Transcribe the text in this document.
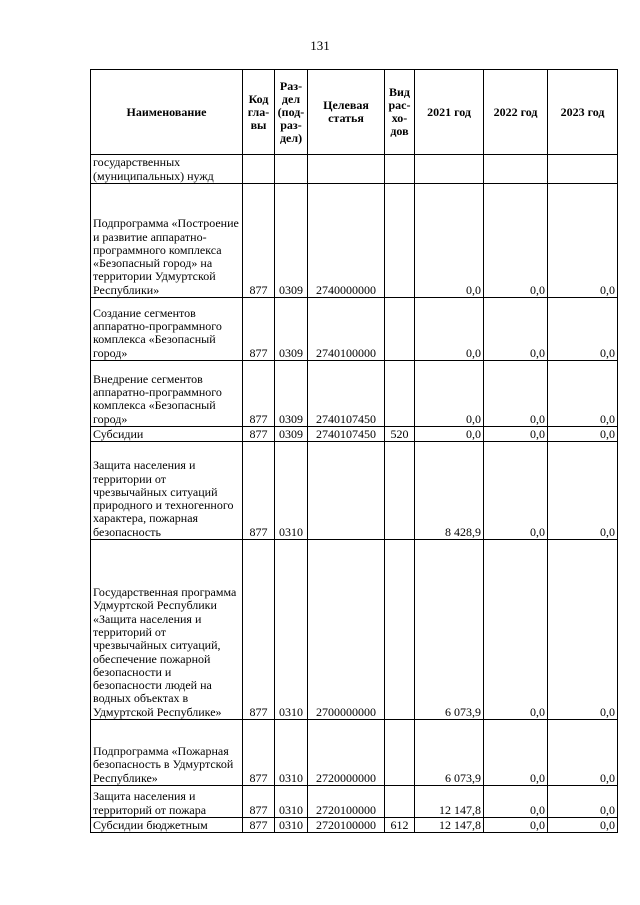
131
Наименование	Код гла-вы	Раз-дел (под-раз-дел)	Целевая статья	Вид рас-хо-дов	2021 год	2022 год	2023 год
государственных (муниципальных) нужд							
Подпрограмма «Построение и развитие аппаратно-программного комплекса «Безопасный город» на территории Удмуртской Республики»	877	0309	2740000000		0,0	0,0	0,0
Создание сегментов аппаратно-программного комплекса «Безопасный город»	877	0309	2740100000		0,0	0,0	0,0
Внедрение сегментов аппаратно-программного комплекса «Безопасный город»	877	0309	2740107450		0,0	0,0	0,0
Субсидии	877	0309	2740107450	520	0,0	0,0	0,0
Защита населения и территории от чрезвычайных ситуаций природного и техногенного характера, пожарная безопасность	877	0310			8 428,9	0,0	0,0
Государственная программа Удмуртской Республики «Защита населения и территорий от чрезвычайных ситуаций, обеспечение пожарной безопасности и безопасности людей на водных объектах в Удмуртской Республике»	877	0310	2700000000		6 073,9	0,0	0,0
Подпрограмма «Пожарная безопасность в Удмуртской Республике»	877	0310	2720000000		6 073,9	0,0	0,0
Защита населения и территорий от пожара	877	0310	2720100000		12 147,8	0,0	0,0
Субсидии бюджетным	877	0310	2720100000	612	12 147,8	0,0	0,0
